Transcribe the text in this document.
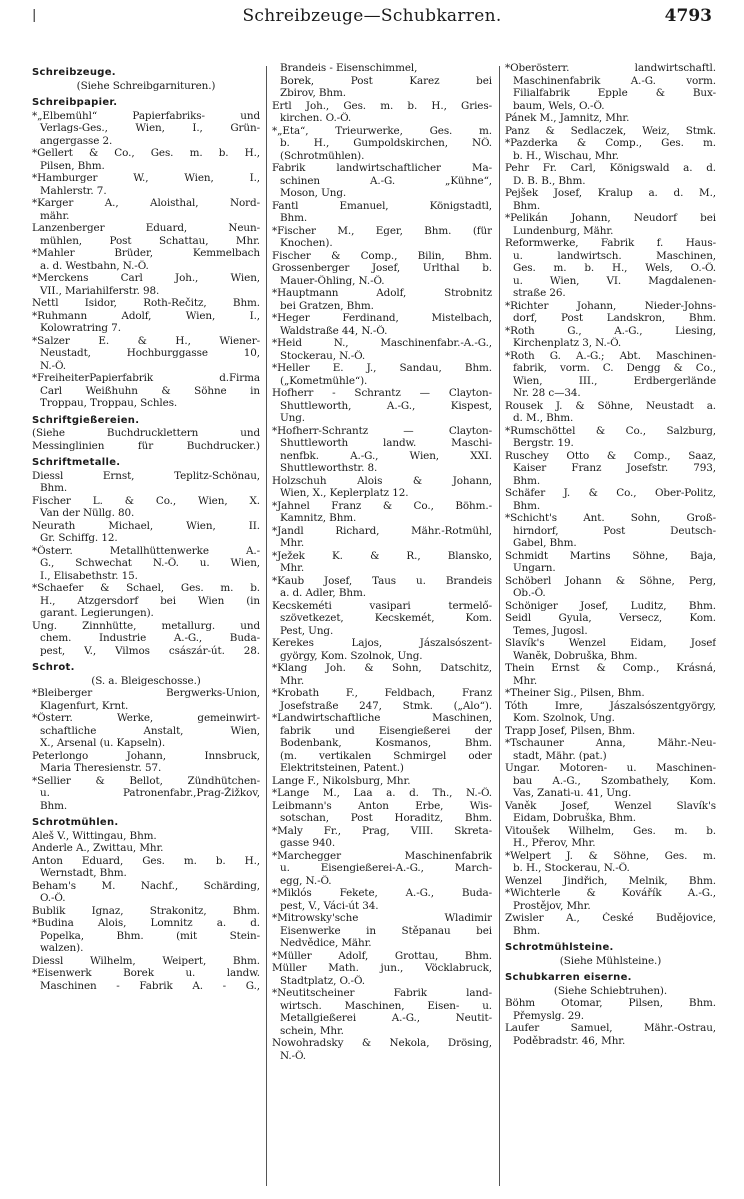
|	Schreibzeuge—Schubkarren.	4793
Schreibzeuge.
(Siehe Schreibgarnituren.)
Schreibpapier.
*„Elbemühl“ Papierfabriks- und
Verlags-Ges., Wien, I., Grün-
angergasse 2.
*Gellert & Co., Ges. m. b. H.,
Pilsen, Bhm.
*Hamburger W., Wien, I.,
Mahlerstr. 7.
*Karger A., Aloisthal, Nord-
mähr.
Lanzenberger Eduard, Neun-
mühlen, Post Schattau, Mhr.
*Mahler Brüder, Kemmelbach
a. d. Westbahn, N.-Ö.
*Merckens Carl Joh., Wien,
VII., Mariahilferstr. 98.
Nettl Isidor, Roth-Rečitz, Bhm.
*Ruhmann Adolf, Wien, I.,
Kolowratring 7.
*Salzer E. & H., Wiener-
Neustadt, Hochburggasse 10,
N.-Ö.
*FreiheiterPapierfabrik d.Firma
Carl Weißhuhn & Söhne in
Troppau, Troppau, Schles.
Schriftgießereien.
(Siehe Buchdrucklettern und
Messinglinien für Buchdrucker.)
Schriftmetalle.
Diessl Ernst, Teplitz-Schönau,
Bhm.
Fischer L. & Co., Wien, X.
Van der Nüllg. 80.
Neurath Michael, Wien, II.
Gr. Schiffg. 12.
*Österr. Metallhüttenwerke A.-
G., Schwechat N.-Ö. u. Wien,
I., Elisabethstr. 15.
*Schaefer & Schael, Ges. m. b.
H., Atzgersdorf bei Wien (in
garant. Legierungen).
Ung. Zinnhütte, metallurg. und
chem. Industrie A.-G., Buda-
pest, V., Vilmos császár-út. 28.
Schrot.
(S. a. Bleigeschosse.)
*Bleiberger Bergwerks-Union,
Klagenfurt, Krnt.
*Österr. Werke, gemeinwirt-
schaftliche Anstalt, Wien,
X., Arsenal (u. Kapseln).
Peterlongo Johann, Innsbruck,
Maria Theresienstr. 57.
*Sellier & Bellot, Zündhütchen-
u. Patronenfabr.,Prag-Žižkov,
Bhm.
Schrotmühlen.
Aleš V., Wittingau, Bhm.
Anderle A., Zwittau, Mhr.
Anton Eduard, Ges. m. b. H.,
Wernstadt, Bhm.
Beham's M. Nachf., Schärding,
O.-Ö.
Bublik Ignaz, Strakonitz, Bhm.
*Budina Alois, Lomnitz a. d.
Popelka, Bhm. (mit Stein-
walzen).
Diessl Wilhelm, Weipert, Bhm.
*Eisenwerk Borek u. landw.
Maschinen - Fabrik A. - G.,
Brandeis - Eisenschimmel,
Borek, Post Karez bei
Zbirov, Bhm.
Ertl Joh., Ges. m. b. H., Gries-
kirchen. O.-Ö.
*„Eta“, Trieurwerke, Ges. m.
b. H., Gumpoldskirchen, NÖ.
(Schrotmühlen).
Fabrik landwirtschaftlicher Ma-
schinen A.-G. „Kühne“,
Moson, Ung.
Fantl Emanuel, Königstadtl,
Bhm.
*Fischer M., Eger, Bhm. (für
Knochen).
Fischer & Comp., Bilin, Bhm.
Grossenberger Josef, Urlthal b.
Mauer-Öhling, N.-Ö.
*Hauptmann Adolf, Strobnitz
bei Gratzen, Bhm.
*Heger Ferdinand, Mistelbach,
Waldstraße 44, N.-Ö.
*Heid N., Maschinenfabr.-A.-G.,
Stockerau, N.-Ö.
*Heller E. J., Sandau, Bhm.
(„Kometmühle“).
Hofherr - Schrantz — Clayton-
Shuttleworth, A.-G., Kispest,
Ung.
*Hofherr-Schrantz — Clayton-
Shuttleworth landw. Maschi-
nenfbk. A.-G., Wien, XXI.
Shuttleworthstr. 8.
Holzschuh Alois & Johann,
Wien, X., Keplerplatz 12.
*Jahnel Franz & Co., Böhm.-
Kamnitz, Bhm.
*Jandl Richard, Mähr.-Rotmühl,
Mhr.
*Ježek K. & R., Blansko,
Mhr.
*Kaub Josef, Taus u. Brandeis
a. d. Adler, Bhm.
Kecskeméti vasipari termelő-
szövetkezet, Kecskemét, Kom.
Pest, Ung.
Kerekes Lajos, Jászalsószent-
györgy, Kom. Szolnok, Ung.
*Klang Joh. & Sohn, Datschitz,
Mhr.
*Krobath F., Feldbach, Franz
Josefstraße 247, Stmk. („Alo“).
*Landwirtschaftliche Maschinen,
fabrik und Eisengießerei der
Bodenbank, Kosmanos, Bhm.
(m. vertikalen Schmirgel oder
Elektritsteinen, Patent.)
Lange F., Nikolsburg, Mhr.
*Lange M., Laa a. d. Th., N.-Ö.
Leibmann's Anton Erbe, Wis-
sotschan, Post Horaditz, Bhm.
*Maly Fr., Prag, VIII. Skreta-
gasse 940.
*Marchegger Maschinenfabrik
u. Eisengießerei-A.-G., March-
egg, N.-Ö.
*Miklós Fekete, A.-G., Buda-
pest, V., Váci-út 34.
*Mitrowsky'sche Wladimir
Eisenwerke in Stěpanau bei
Nedvědice, Mähr.
*Müller Adolf, Grottau, Bhm.
Müller Math. jun., Vöcklabruck,
Stadtplatz, O.-Ö.
*Neutitscheiner Fabrik land-
wirtsch. Maschinen, Eisen- u.
Metallgießerei A.-G., Neutit-
schein, Mhr.
Nowohradsky & Nekola, Drösing,
N.-Ö.
*Oberösterr. landwirtschaftl.
Maschinenfabrik A.-G. vorm.
Filialfabrik Epple & Bux-
baum, Wels, O.-Ö.
Pánek M., Jamnitz, Mhr.
Panz & Sedlaczek, Weiz, Stmk.
*Pazderka & Comp., Ges. m.
b. H., Wischau, Mhr.
Pehr Fr. Carl, Königswald a. d.
D. B. B., Bhm.
Pejšek Josef, Kralup a. d. M.,
Bhm.
*Pelikán Johann, Neudorf bei
Lundenburg, Mähr.
Reformwerke, Fabrik f. Haus-
u. landwirtsch. Maschinen,
Ges. m. b. H., Wels, O.-Ö.
u. Wien, VI. Magdalenen-
straße 26.
*Richter Johann, Nieder-Johns-
dorf, Post Landskron, Bhm.
*Roth G., A.-G., Liesing,
Kirchenplatz 3, N.-Ö.
*Roth G. A.-G.; Abt. Maschinen-
fabrik, vorm. C. Dengg & Co.,
Wien, III., Erdbergerlände
Nr. 28 c—34.
Rousek J. & Söhne, Neustadt a.
d. M., Bhm.
*Rumschöttel & Co., Salzburg,
Bergstr. 19.
Ruschey Otto & Comp., Saaz,
Kaiser Franz Josefstr. 793,
Bhm.
Schäfer J. & Co., Ober-Politz,
Bhm.
*Schicht's Ant. Sohn, Groß-
hirndorf, Post Deutsch-
Gabel, Bhm.
Schmidt Martins Söhne, Baja,
Ungarn.
Schöberl Johann & Söhne, Perg,
Ob.-Ö.
Schöniger Josef, Luditz, Bhm.
Seidl Gyula, Versecz, Kom.
Temes, Jugosl.
Slavík's Wenzel Eidam, Josef
Wanĕk, Dobruška, Bhm.
Thein Ernst & Comp., Krásná,
Mhr.
*Theiner Sig., Pilsen, Bhm.
Tóth Imre, Jászalsószentgyörgy,
Kom. Szolnok, Ung.
Trapp Josef, Pilsen, Bhm.
*Tschauner Anna, Mähr.-Neu-
stadt, Mähr. (pat.)
Ungar. Motoren- u. Maschinen-
bau A.-G., Szombathely, Kom.
Vas, Zanati-u. 41, Ung.
Vaněk Josef, Wenzel Slavík's
Eidam, Dobruška, Bhm.
Vitoušek Wilhelm, Ges. m. b.
H., Přerov, Mhr.
*Welpert J. & Söhne, Ges. m.
b. H., Stockerau, N.-Ö.
Wenzel Jindřich, Melnik, Bhm.
*Wichterle & Kovářík A.-G.,
Prostějov, Mhr.
Zwisler A., České Budějovice,
Bhm.
Schrotmühlsteine.
(Siehe Mühlsteine.)
Schubkarren eiserne.
(Siehe Schiebtruhen).
Böhm Otomar, Pilsen, Bhm.
Přemyslg. 29.
Laufer Samuel, Mähr.-Ostrau,
Poděbradstr. 46, Mhr.
